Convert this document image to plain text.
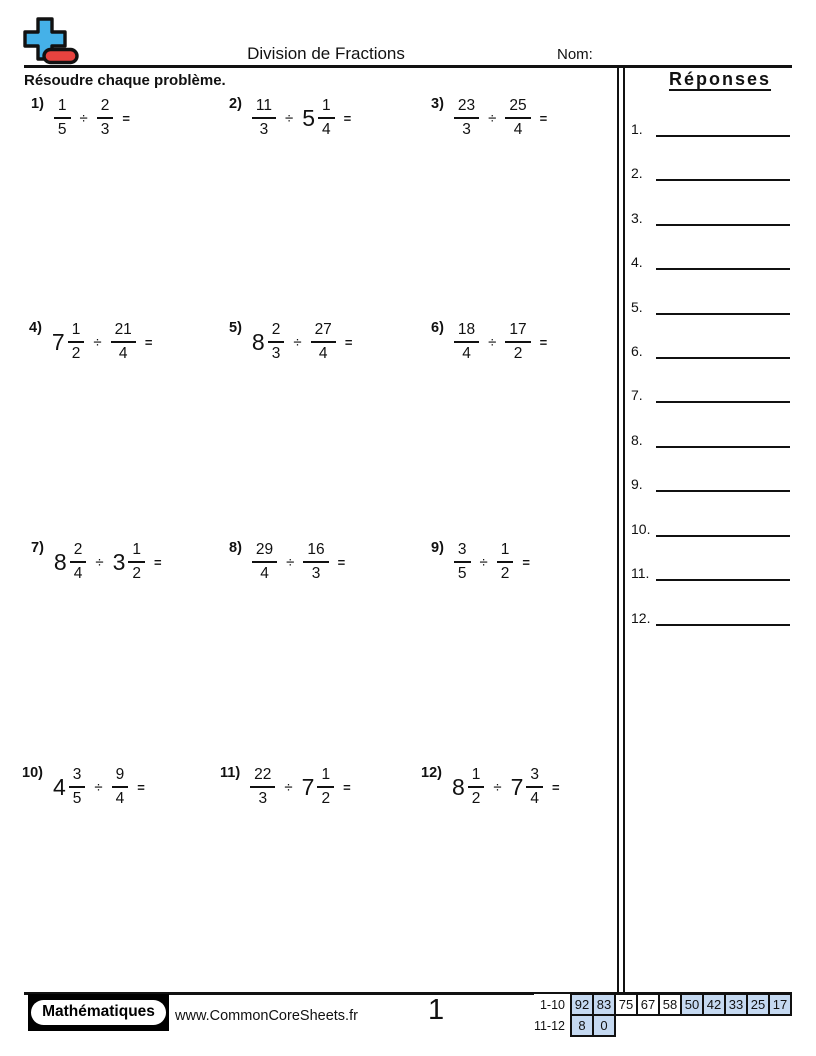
Division de Fractions	Nom:
Résoudre chaque problème.
$1) \frac{1}{5} \div \frac{2}{3}$ =
$2) \frac{11}{3} \div 5 \frac{1}{4}$ =
$3) \frac{23}{3} \div \frac{25}{4}$ =
4)
$7 \frac{1}{2} \div \frac{21}{4}$ =
5)
$8 \frac{2}{3} \div \frac{27}{4}$ =
$6) \frac{18}{4} \div \frac{17}{2}$ =
7)
$8 \frac{2}{4} \div 3 \frac{1}{2}$ =
$8) \frac{29}{4} \div \frac{16}{3}$ =
$9) \frac{3}{5} \div \frac{1}{2}$ =
10)
$4 \frac{3}{5} \div \frac{9}{4}$ =
$11) \frac{22}{3} \div 7 \frac{1}{2}$ =
12)
$8 \frac{1}{2} \div 7 \frac{3}{4}$ =
Réponses
1.
2.
3.
4.
5.
6.
7.
8.
9.
10.
11.
12.
Mathématiques	www.CommonCoreSheets.fr 1	1-10	92	83	75	67	58	50	42	33	25	17
11-12	8	0								
